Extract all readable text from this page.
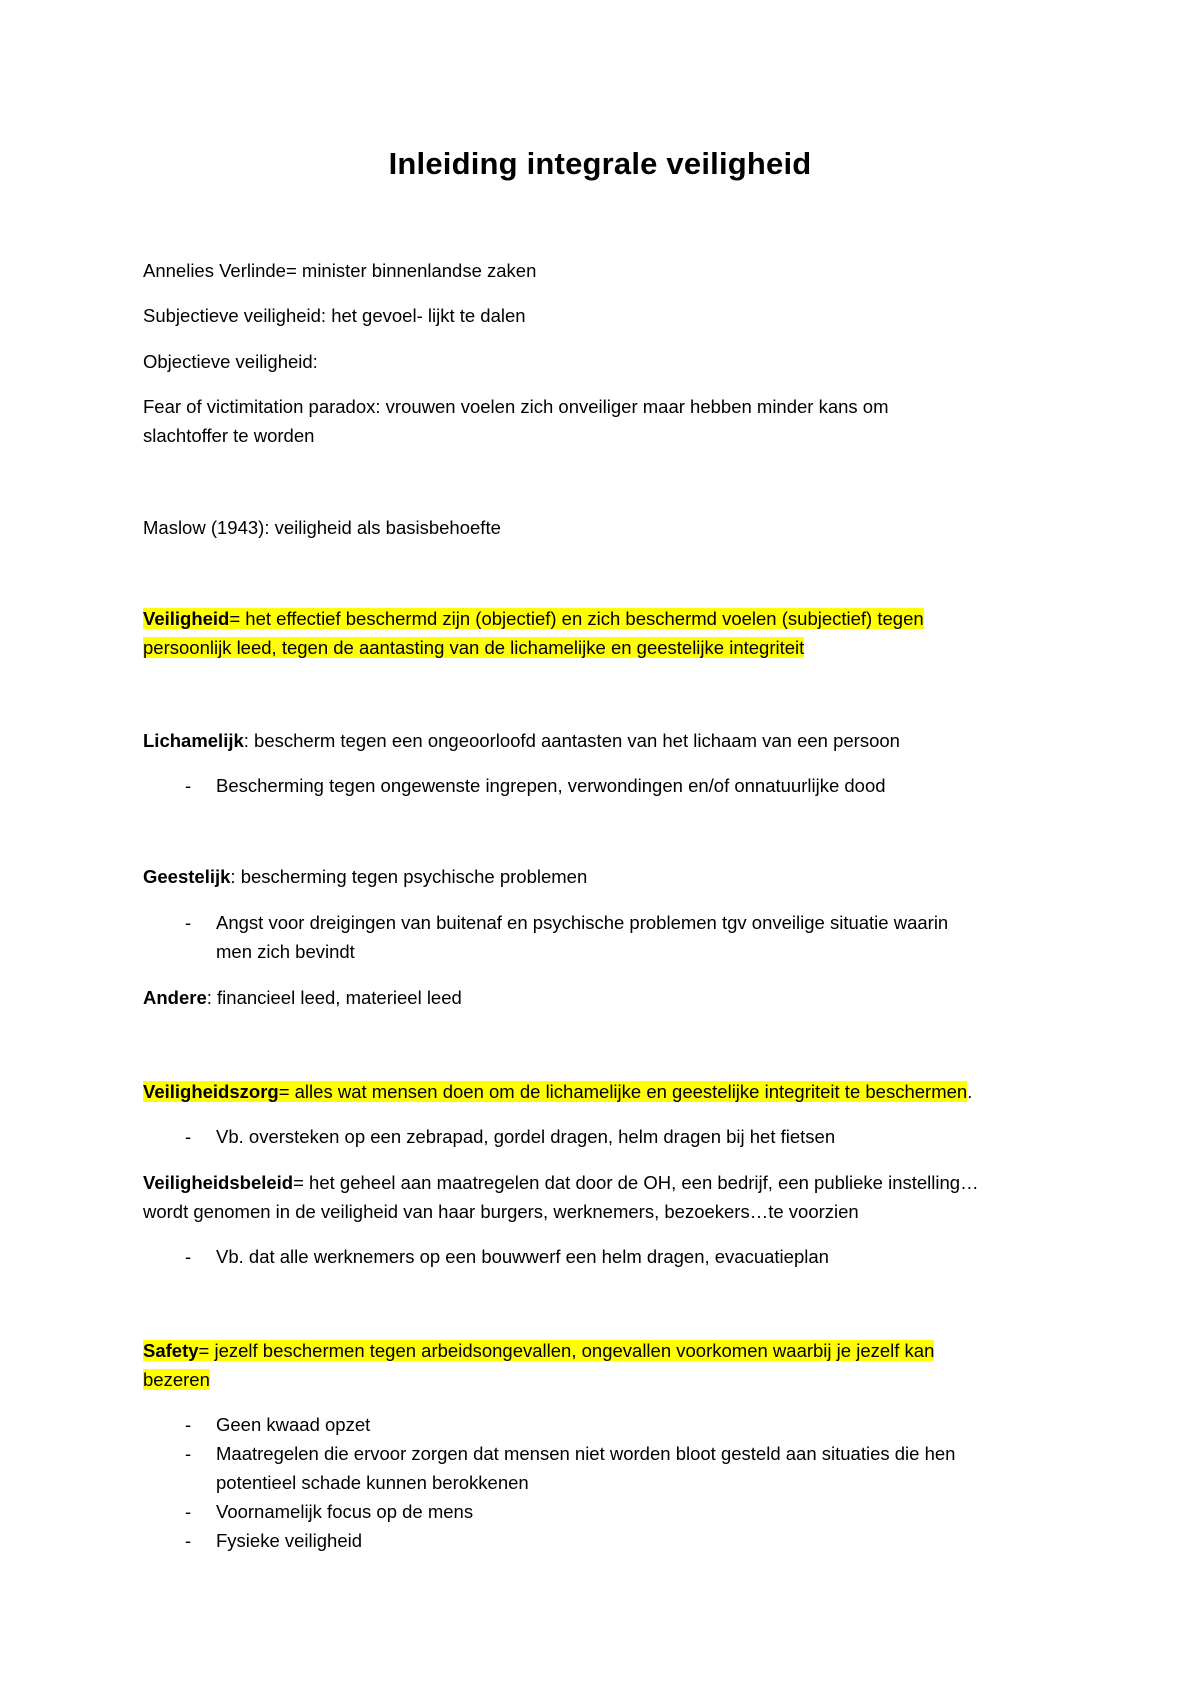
Inleiding integrale veiligheid

Annelies Verlinde= minister binnenlandse zaken

Subjectieve veiligheid: het gevoel- lijkt te dalen

Objectieve veiligheid:

Fear of victimitation paradox: vrouwen voelen zich onveiliger maar hebben minder kans om

slachtoffer te worden

Maslow (1943): veiligheid als basisbehoefte

Veiligheid= het effectief beschermd zijn (objectief) en zich beschermd voelen (subjectief) tegen

persoonlijk leed, tegen de aantasting van de lichamelijke en geestelijke integriteit

Lichamelijk: bescherm tegen een ongeoorloofd aantasten van het lichaam van een persoon

-	Bescherming tegen ongewenste ingrepen, verwondingen en/of onnatuurlijke dood

Geestelijk: bescherming tegen psychische problemen

-	Angst voor dreigingen van buitenaf en psychische problemen tgv onveilige situatie waarin
men zich bevindt

Andere: financieel leed, materieel leed

Veiligheidszorg= alles wat mensen doen om de lichamelijke en geestelijke integriteit te beschermen.

-	Vb. oversteken op een zebrapad, gordel dragen, helm dragen bij het fietsen

Veiligheidsbeleid= het geheel aan maatregelen dat door de OH, een bedrijf, een publieke instelling…

wordt genomen in de veiligheid van haar burgers, werknemers, bezoekers…te voorzien

-	Vb. dat alle werknemers op een bouwwerf een helm dragen, evacuatieplan

Safety= jezelf beschermen tegen arbeidsongevallen, ongevallen voorkomen waarbij je jezelf kan

bezeren

-	Geen kwaad opzet
-	Maatregelen die ervoor zorgen dat mensen niet worden bloot gesteld aan situaties die hen
potentieel schade kunnen berokkenen
-	Voornamelijk focus op de mens
-	Fysieke veiligheid
